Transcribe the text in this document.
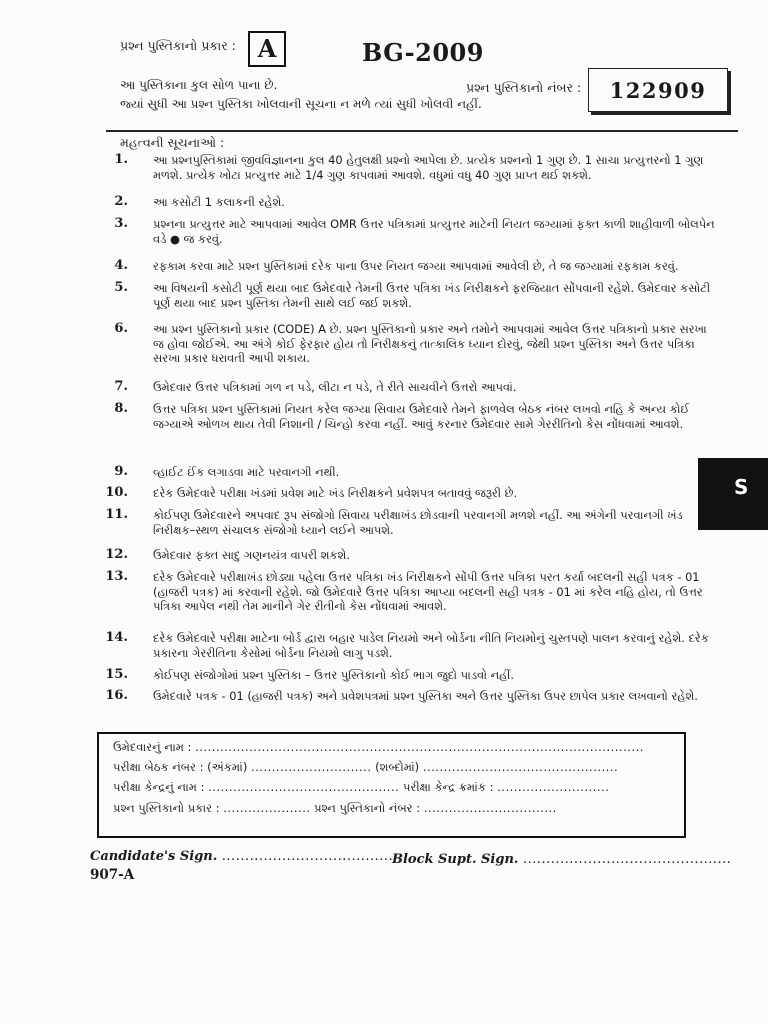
પ્રશ્ન પુસ્તિકાનો પ્રકાર : A	BG-2009
આ પુસ્તિકાના કુલ સોળ પાના છે.
જ્યાં સુધી આ પ્રશ્ન પુસ્તિકા ખોલવાની સૂચના ન મળે ત્યાં સુધી ખોલવી નહીં.
પ્રશ્ન પુસ્તિકાનો નંબર :	122909
મહત્વની સૂચનાઓ :
1. આ પ્રશ્નપુસ્તિકામાં જીવવિજ્ઞાનના કુલ 40 હેતુલક્ષી પ્રશ્નો આપેલા છે. પ્રત્યેક પ્રશ્નનો 1 ગુણ છે. 1 સાચા પ્રત્યુત્તરનો 1 ગુણ મળશે. પ્રત્યેક ખોટા પ્રત્યુત્તર માટે 1/4 ગુણ કાપવામાં આવશે. વધુમાં વધુ 40 ગુણ પ્રાપ્ત થઈ શકશે.
2. આ કસોટી 1 કલાકની રહેશે.
3. પ્રશ્નના પ્રત્યુત્તર માટે આપવામાં આવેલ OMR ઉત્તર પત્રિકામાં પ્રત્યુત્તર માટેની નિયત જગ્યામાં ફક્ત કાળી શાહીવાળી બોલપેન વડે ● જ કરવું.
4. રફકામ કરવા માટે પ્રશ્ન પુસ્તિકામાં દરેક પાના ઉપર નિયત જગ્યા આપવામાં આવેલી છે, તે જ જગ્યામાં રફકામ કરવું.
5. આ વિષયની કસોટી પૂર્ણ થયા બાદ ઉમેદવારે તેમની ઉત્તર પત્રિકા ખંડ નિરીક્ષકને ફરજિયાત સોંપવાની રહેશે. ઉમેદવાર કસોટી પૂર્ણ થયા બાદ પ્રશ્ન પુસ્તિકા તેમની સાથે લઈ જઈ શકશે.
6. આ પ્રશ્ન પુસ્તિકાનો પ્રકાર (CODE) A છે. પ્રશ્ન પુસ્તિકાનો પ્રકાર અને તમોને આપવામાં આવેલ ઉત્તર પત્રિકાનો પ્રકાર સરખા જ હોવા જોઈએ. આ અંગે કોઈ ફેરફાર હોય તો નિરીક્ષકનું તાત્કાલિક ધ્યાન દોરવું, જેથી પ્રશ્ન પુસ્તિકા અને ઉત્તર પત્રિકા સરખા પ્રકાર ધરાવતી આપી શકાય.
7. ઉમેદવાર ઉત્તર પત્રિકામાં ગળ ન પડે, લીટા ન પડે, તે રીતે સાચવીને ઉત્તરો આપવાં.
8. ઉત્તર પત્રિકા પ્રશ્ન પુસ્તિકામાં નિયત કરેલ જગ્યા સિવાય ઉમેદવારે તેમને ફાળવેલ બેઠક નંબર લખવો નહિ કે અન્ય કોઈ જગ્યાએ ઓળખ થાય તેવી નિશાની / ચિન્હો કરવા નહીં. આવું કરનાર ઉમેદવાર સામે ગેરરીતિનો કેસ નોંધવામાં આવશે.
9. વ્હાઈટ ઈંક લગાડવા માટે પરવાનગી નથી.
10. દરેક ઉમેદવારે પરીક્ષા ખંડમાં પ્રવેશ માટે ખંડ નિરીક્ષકને પ્રવેશપત્ર બતાવવું જરૂરી છે.
11. કોઈપણ ઉમેદવારને અપવાદ રૂપ સંજોગો સિવાય પરીક્ષાખંડ છોડવાની પરવાનગી મળશે નહીં. આ અંગેની પરવાનગી ખંડ નિરીક્ષક–સ્થળ સંચાલક સંજોગો ધ્યાને લઈને આપશે.
12. ઉમેદવાર ફક્ત સાદુ ગણનયંત્ર વાપરી શકશે.
13. દરેક ઉમેદવારે પરીક્ષાખંડ છોડ્યા પહેલા ઉત્તર પત્રિકા ખંડ નિરીક્ષકને સોંપી ઉત્તર પત્રિકા પરત કર્યા બદલની સહી પત્રક - 01 (હાજરી પત્રક) માં કરવાની રહેશે. જો ઉમેદવારે ઉત્તર પત્રિકા આપ્યા બદલની સહી પત્રક - 01 માં કરેલ નહિ હોય, તો ઉત્તર પત્રિકા આપેલ નથી તેમ માનીને ગેર રીતીનો કેસ નોંધવામાં આવશે.
14. દરેક ઉમેદવારે પરીક્ષા માટેના બોર્ડ દ્વારા બહાર પાડેલ નિયમો અને બોર્ડના નીતિ નિયમોનું ચુસ્તપણે પાલન કરવાનું રહેશે. દરેક પ્રકારના ગેરરીતિના કેસોમાં બોર્ડના નિયમો લાગુ પડશે.
15. કોઈપણ સંજોગોમાં પ્રશ્ન પુસ્તિકા – ઉત્તર પુસ્તિકાનો કોઈ ભાગ જુદો પાડવો નહીં.
16. ઉમેદવારે પત્રક - 01 (હાજરી પત્રક) અને પ્રવેશપત્રમાં પ્રશ્ન પુસ્તિકા અને ઉત્તર પુસ્તિકા ઉપર છાપેલ પ્રકાર લખવાનો રહેશે.
S
ઉમેદવારનું નામ : ............................................................................................................
પરીક્ષા બેઠક નંબર : (અંકમાં) ............................. (શબ્દોમાં) ...............................................
પરીક્ષા કેન્દ્રનું નામ : .............................................. પરીક્ષા કેન્દ્ર ક્રમાંક : ...........................
પ્રશ્ન પુસ્તિકાનો પ્રકાર : ..................... પ્રશ્ન પુસ્તિકાનો નંબર : ................................
Candidate's Sign. ......................................
Block Supt. Sign. .............................................
907-A
